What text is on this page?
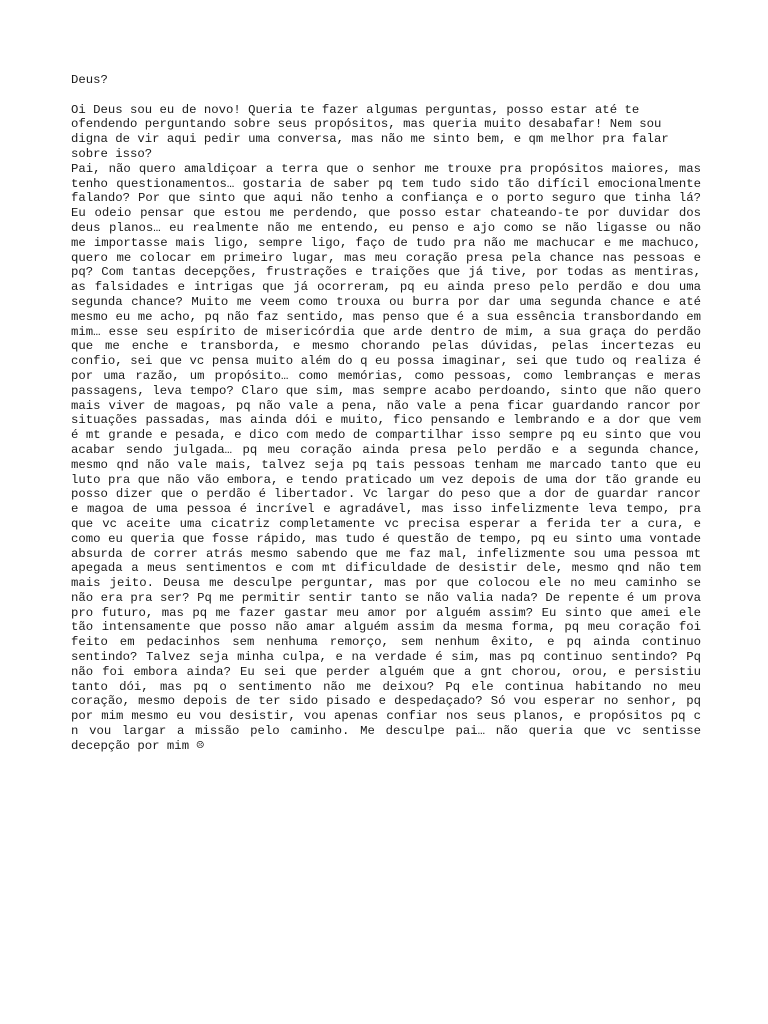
Deus?

Oi Deus sou eu de novo! Queria te fazer algumas perguntas, posso estar até te ofendendo perguntando sobre seus propósitos, mas queria muito desabafar! Nem sou digna de vir aqui pedir uma conversa, mas não me sinto bem, e qm melhor pra falar sobre isso?

Pai, não quero amaldiçoar a terra que o senhor me trouxe pra propósitos maiores, mas tenho questionamentos… gostaria de saber pq tem tudo sido tão difícil emocionalmente falando? Por que sinto que aqui não tenho a confiança e o porto seguro que tinha lá? Eu odeio pensar que estou me perdendo, que posso estar chateando-te por duvidar dos deus planos… eu realmente não me entendo, eu penso e ajo como se não ligasse ou não me importasse mais ligo, sempre ligo, faço de tudo pra não me machucar e me machuco, quero me colocar em primeiro lugar, mas meu coração presa pela chance nas pessoas e pq? Com tantas decepções, frustrações e traições que já tive, por todas as mentiras, as falsidades e intrigas que já ocorreram, pq eu ainda preso pelo perdão e dou uma segunda chance? Muito me veem como trouxa ou burra por dar uma segunda chance e até mesmo eu me acho, pq não faz sentido, mas penso que é a sua essência transbordando em mim… esse seu espírito de misericórdia que arde dentro de mim, a sua graça do perdão que me enche e transborda, e mesmo chorando pelas dúvidas, pelas incertezas eu confio, sei que vc pensa muito além do q eu possa imaginar, sei que tudo oq realiza é por uma razão, um propósito… como memórias, como pessoas, como lembranças e meras passagens, leva tempo? Claro que sim, mas sempre acabo perdoando, sinto que não quero mais viver de magoas, pq não vale a pena, não vale a pena ficar guardando rancor por situações passadas, mas ainda dói e muito, fico pensando e lembrando e a dor que vem é mt grande e pesada, e dico com medo de compartilhar isso sempre pq eu sinto que vou acabar sendo julgada… pq meu coração ainda presa pelo perdão e a segunda chance, mesmo qnd não vale mais, talvez seja pq tais pessoas tenham me marcado tanto que eu luto pra que não vão embora, e tendo praticado um vez depois de uma dor tão grande eu posso dizer que o perdão é libertador. Vc largar do peso que a dor de guardar rancor e magoa de uma pessoa é incrível e agradável, mas isso infelizmente leva tempo, pra que vc aceite uma cicatriz completamente vc precisa esperar a ferida ter a cura, e como eu queria que fosse rápido, mas tudo é questão de tempo, pq eu sinto uma vontade absurda de correr atrás mesmo sabendo que me faz mal, infelizmente sou uma pessoa mt apegada a meus sentimentos e com mt dificuldade de desistir dele, mesmo qnd não tem mais jeito. Deusa me desculpe perguntar, mas por que colocou ele no meu caminho se não era pra ser? Pq me permitir sentir tanto se não valia nada? De repente é um prova pro futuro, mas pq me fazer gastar meu amor por alguém assim? Eu sinto que amei ele tão intensamente que posso não amar alguém assim da mesma forma, pq meu coração foi feito em pedacinhos sem nenhuma remorço, sem nenhum êxito, e pq ainda continuo sentindo? Talvez seja minha culpa, e na verdade é sim, mas pq continuo sentindo? Pq não foi embora ainda? Eu sei que perder alguém que a gnt chorou, orou, e persistiu tanto dói, mas pq o sentimento não me deixou? Pq ele continua habitando no meu coração, mesmo depois de ter sido pisado e despedaçado? Só vou esperar no senhor, pq por mim mesmo eu vou desistir, vou apenas confiar nos seus planos, e propósitos pq c n vou largar a missão pelo caminho. Me desculpe pai… não queria que vc sentisse decepção por mim ☹
